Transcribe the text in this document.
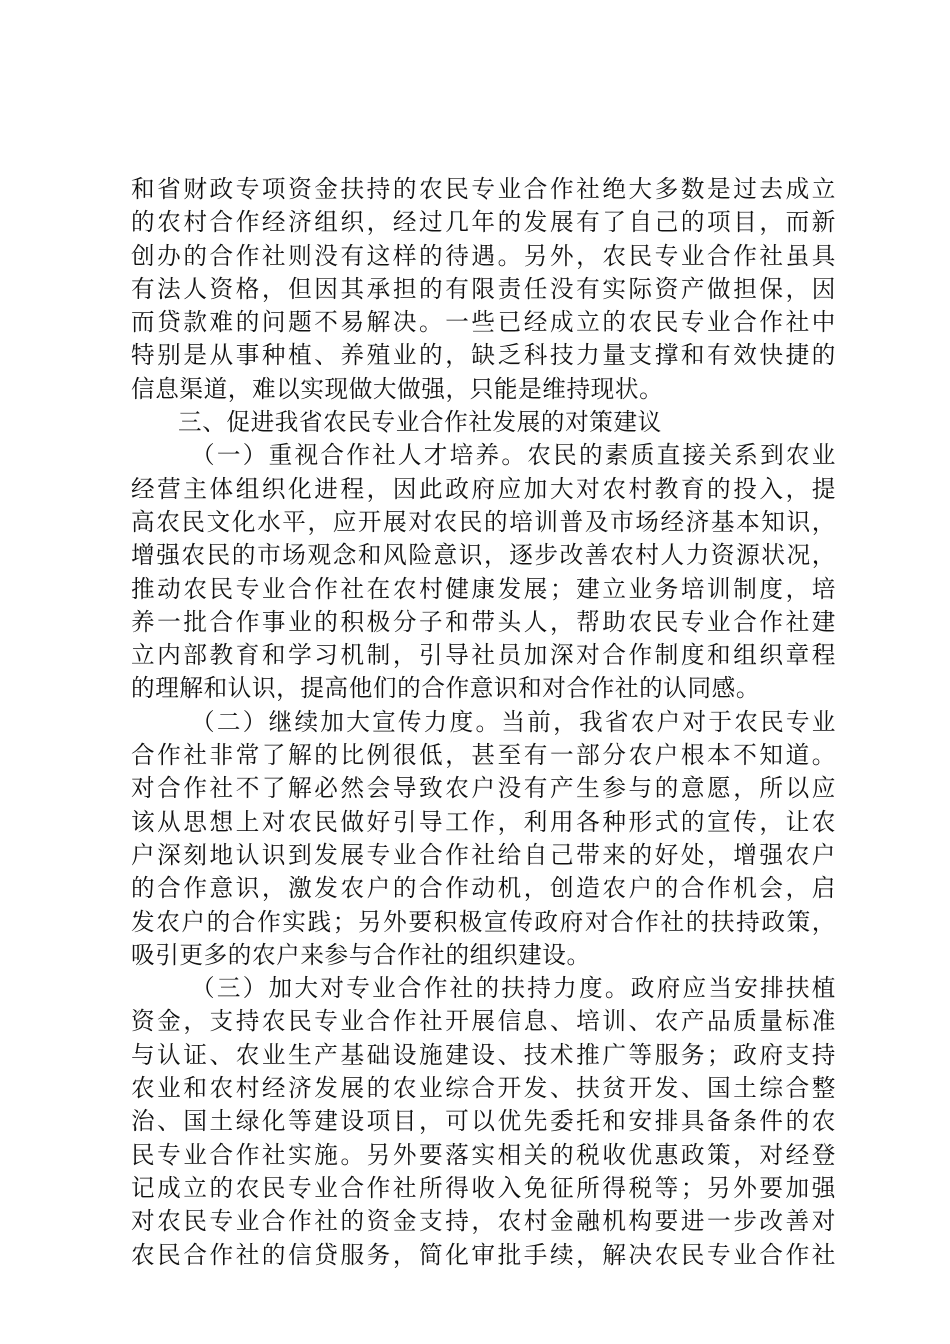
和省财政专项资金扶持的农民专业合作社绝大多数是过去成立
的农村合作经济组织，经过几年的发展有了自己的项目，而新
创办的合作社则没有这样的待遇。另外，农民专业合作社虽具
有法人资格，但因其承担的有限责任没有实际资产做担保，因
而贷款难的问题不易解决。一些已经成立的农民专业合作社中
特别是从事种植、养殖业的，缺乏科技力量支撑和有效快捷的
信息渠道，难以实现做大做强，只能是维持现状。
三、促进我省农民专业合作社发展的对策建议
（一）重视合作社人才培养。农民的素质直接关系到农业
经营主体组织化进程，因此政府应加大对农村教育的投入，提
高农民文化水平，应开展对农民的培训普及市场经济基本知识，
增强农民的市场观念和风险意识，逐步改善农村人力资源状况，
推动农民专业合作社在农村健康发展；建立业务培训制度，培
养一批合作事业的积极分子和带头人，帮助农民专业合作社建
立内部教育和学习机制，引导社员加深对合作制度和组织章程
的理解和认识，提高他们的合作意识和对合作社的认同感。
（二）继续加大宣传力度。当前，我省农户对于农民专业
合作社非常了解的比例很低，甚至有一部分农户根本不知道。
对合作社不了解必然会导致农户没有产生参与的意愿，所以应
该从思想上对农民做好引导工作，利用各种形式的宣传，让农
户深刻地认识到发展专业合作社给自己带来的好处，增强农户
的合作意识，激发农户的合作动机，创造农户的合作机会，启
发农户的合作实践；另外要积极宣传政府对合作社的扶持政策，
吸引更多的农户来参与合作社的组织建设。
（三）加大对专业合作社的扶持力度。政府应当安排扶植
资金，支持农民专业合作社开展信息、培训、农产品质量标准
与认证、农业生产基础设施建设、技术推广等服务；政府支持
农业和农村经济发展的农业综合开发、扶贫开发、国土综合整
治、国土绿化等建设项目，可以优先委托和安排具备条件的农
民专业合作社实施。另外要落实相关的税收优惠政策，对经登
记成立的农民专业合作社所得收入免征所得税等；另外要加强
对农民专业合作社的资金支持，农村金融机构要进一步改善对
农民合作社的信贷服务，简化审批手续，解决农民专业合作社
